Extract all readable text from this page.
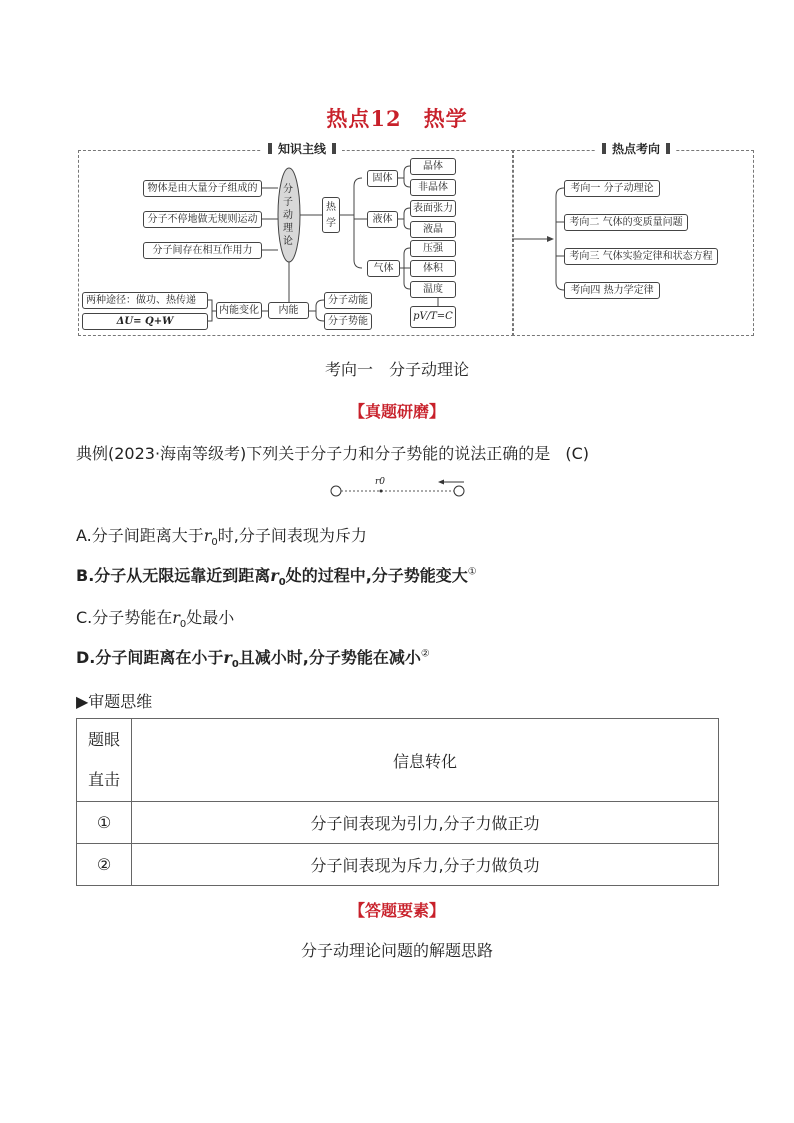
热点12 热学
知识主线	热点考向
物体是由大量分子组成的
分子不停地做无规则运动
分子间存在相互作用力
分子动理论
热学
固体
液体
气体
晶体
非晶体
表面张力
液晶
压强
体积
温度
pV/T=C
两种途径：做功、热传递
ΔU= Q+W
内能变化	内能
分子动能
分子势能
考向一 分子动理论
考向二 气体的变质量问题
考向三 气体实验定律和状态方程
考向四 热力学定律
考向一　分子动理论
【真题研磨】
典例(2023·海南等级考)下列关于分子力和分子势能的说法正确的是 (C)
r0
A.分子间距离大于$r_0$时,分子间表现为斥力
B.分子从无限远靠近到距离$r_0$处的过程中,分子势能变大①
C.分子势能在$r_0$处最小
D.分子间距离在小于$r_0$且减小时,分子势能在减小②
▶审题思维
题眼
直击	信息转化
①	分子间表现为引力,分子力做正功
②	分子间表现为斥力,分子力做负功
【答题要素】
分子动理论问题的解题思路
